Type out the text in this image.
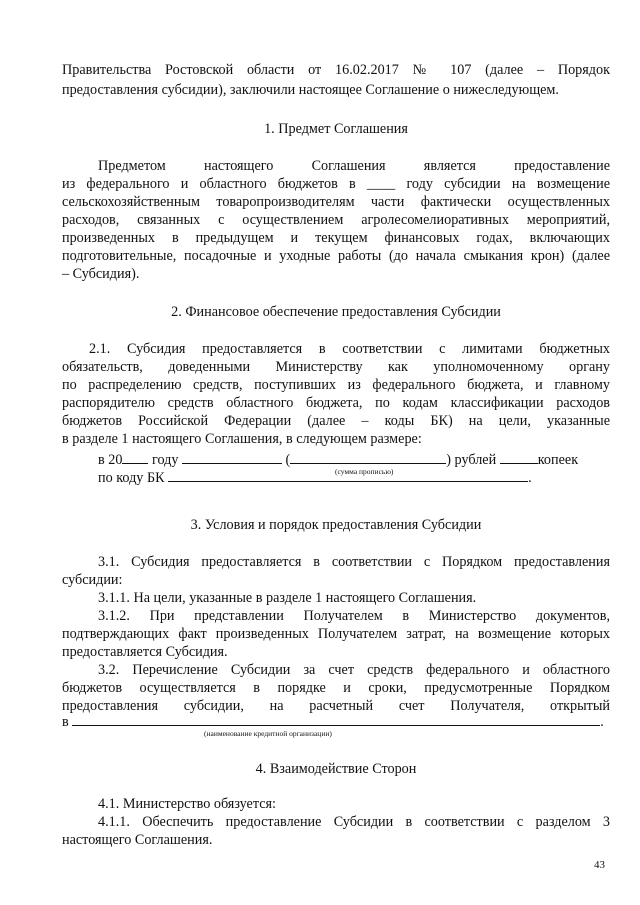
Правительства Ростовской области от 16.02.2017 № 107 (далее – Порядок
предоставления субсидии), заключили настоящее Соглашение о нижеследующем.
1. Предмет Соглашения
Предметом настоящего Соглашения является предоставление
из федерального и областного бюджетов в ____ году субсидии на возмещение
сельскохозяйственным товаропроизводителям части фактически осуществленных
расходов, связанных с осуществлением агролесомелиоративных мероприятий,
произведенных в предыдущем и текущем финансовых годах, включающих
подготовительные, посадочные и уходные работы (до начала смыкания крон) (далее
– Субсидия).
2. Финансовое обеспечение предоставления Субсидии
2.1. Субсидия предоставляется в соответствии с лимитами бюджетных
обязательств, доведенными Министерству как уполномоченному органу
по распределению средств, поступивших из федерального бюджета, и главному
распорядителю средств областного бюджета, по кодам классификации расходов
бюджетов Российской Федерации (далее – коды БК) на цели, указанные
в разделе 1 настоящего Соглашения, в следующем размере:
в 20 году	(	) рублей	копеек
(сумма прописью)
по коду БК	.
3. Условия и порядок предоставления Субсидии
3.1. Субсидия предоставляется в соответствии с Порядком предоставления
субсидии:
3.1.1. На цели, указанные в разделе 1 настоящего Соглашения.
3.1.2. При представлении Получателем в Министерство документов,
подтверждающих факт произведенных Получателем затрат, на возмещение которых
предоставляется Субсидия.
3.2. Перечисление Субсидии за счет средств федерального и областного
бюджетов осуществляется в порядке и сроки, предусмотренные Порядком
предоставления субсидии, на расчетный счет Получателя, открытый
в	.
(наименование кредитной организации)
4. Взаимодействие Сторон
4.1. Министерство обязуется:
4.1.1. Обеспечить предоставление Субсидии в соответствии с разделом 3
настоящего Соглашения.
43
